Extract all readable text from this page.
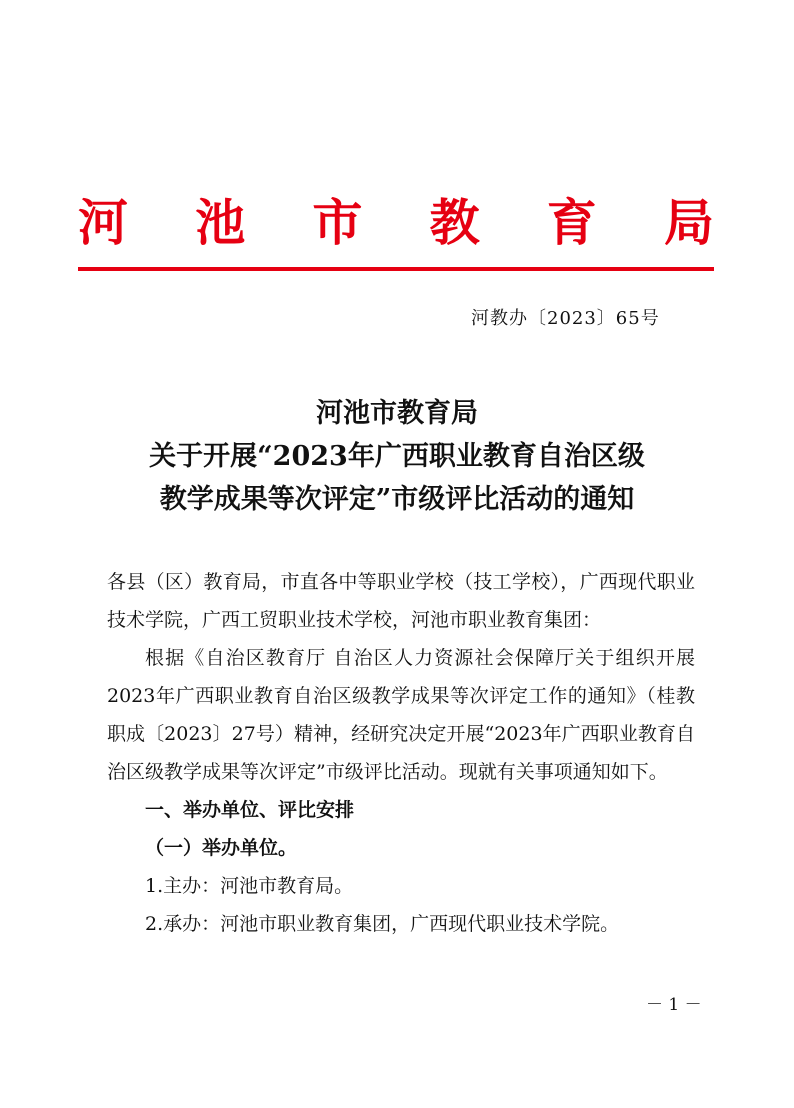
河 池 市 教 育 局
河教办〔2023〕65号
河池市教育局
关于开展“2023年广西职业教育自治区级
教学成果等次评定”市级评比活动的通知

各县（区）教育局，市直各中等职业学校（技工学校），广西现代职业技术学院，广西工贸职业技术学校，河池市职业教育集团：

根据《自治区教育厅 自治区人力资源社会保障厅关于组织开展2023年广西职业教育自治区级教学成果等次评定工作的通知》（桂教职成〔2023〕27号）精神，经研究决定开展“2023年广西职业教育自治区级教学成果等次评定”市级评比活动。现就有关事项通知如下。

一、举办单位、评比安排

（一）举办单位。

1.主办：河池市教育局。

2.承办：河池市职业教育集团，广西现代职业技术学院。

－ 1 －
